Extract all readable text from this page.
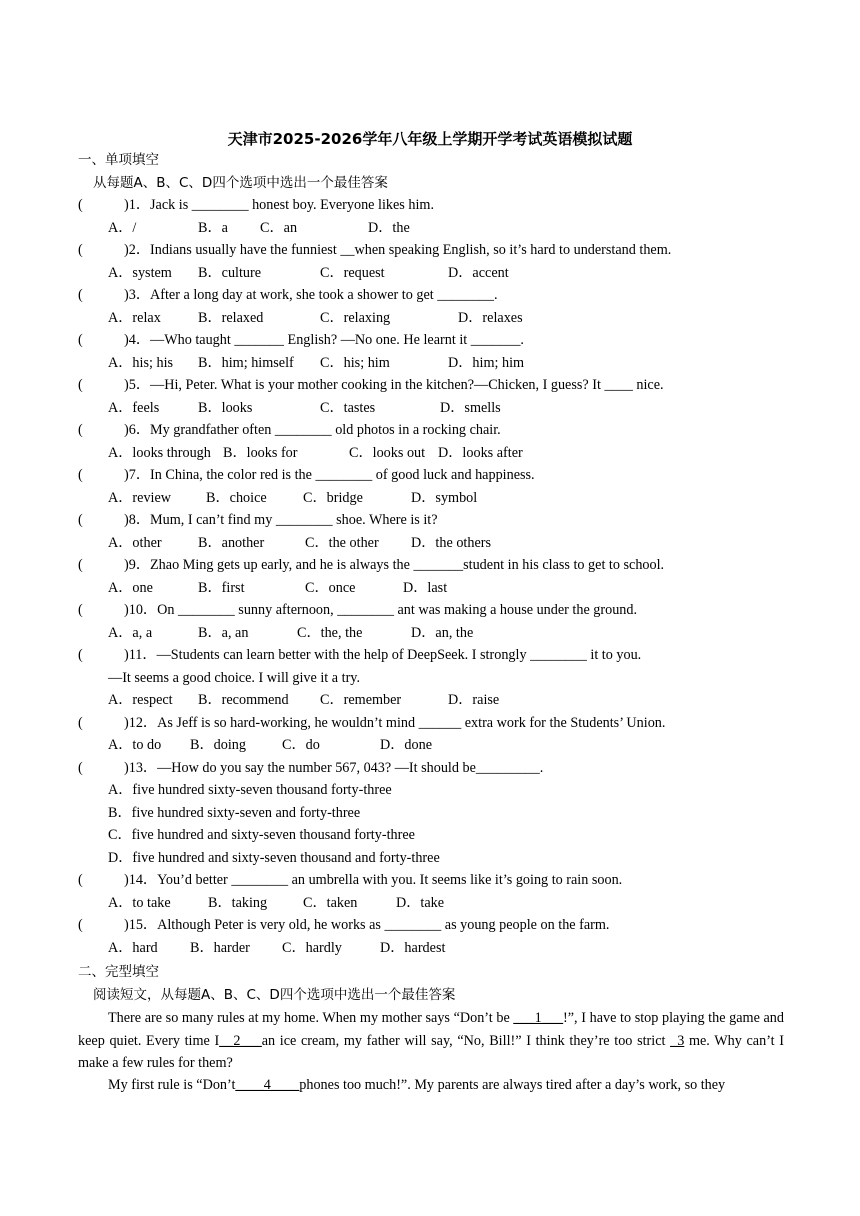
天津市2025-2026学年八年级上学期开学考试英语模拟试题
一、单项填空
从每题A、B、C、D四个选项中选出一个最佳答案
(	)1．Jack is ________ honest boy. Everyone likes him.
A．/	B．a C．an	D．the
(	)2．Indians usually have the funniest __when speaking English, so it’s hard to understand them.
A．system B．culture	C．request	D．accent
(	)3．After a long day at work, she took a shower to get ________.
A．relax	B．relaxed	C．relaxing	D．relaxes
(	)4．—Who taught _______ English? —No one. He learnt it _______.
A．his; his B．him; himself C．his; him	D．him; him
(	)5．—Hi, Peter. What is your mother cooking in the kitchen?—Chicken, I guess? It ____ nice.
A．feels	B．looks	C．tastes	D．smells
(	)6．My grandfather often ________ old photos in a rocking chair.
A．looks through B．looks for	C．looks out D．looks after
(	)7．In China, the color red is the ________ of good luck and happiness.
A．review B．choice	C．bridge	D．symbol
(	)8．Mum, I can’t find my ________ shoe. Where is it?
A．other	B．another	C．the other D．the others
(	)9．Zhao Ming gets up early, and he is always the _______student in his class to get to school.
A．one	B．first	C．once	D．last
(	)10．On ________ sunny afternoon, ________ ant was making a house under the ground.
A．a, a	B．a, an	C．the, the	D．an, the
(	)11．—Students can learn better with the help of DeepSeek. I strongly ________ it to you.
—It seems a good choice. I will give it a try.
A．respect B．recommend C．remember	D．raise
(	)12．As Jeff is so hard-working, he wouldn’t mind ______ extra work for the Students’ Union.
A．to do B．doing	C．do	D．done
(	)13．—How do you say the number 567, 043? —It should be_________.
A．five hundred sixty-seven thousand forty-three
B．five hundred sixty-seven and forty-three
C．five hundred and sixty-seven thousand forty-three
D．five hundred and sixty-seven thousand and forty-three
(	)14．You’d better ________ an umbrella with you. It seems like it’s going to rain soon.
A．to take	B．taking	C．taken	D．take
(	)15．Although Peter is very old, he works as ________ as young people on the farm.
A．hard B．harder C．hardly	D．hardest
二、完型填空
阅读短文，从每题A、B、C、D四个选项中选出一个最佳答案
There are so many rules at my home. When my mother says “Don’t be ___1___!”, I have to stop playing the game and keep quiet. Every time I__2___an ice cream, my father will say, “No, Bill!” I think they’re too strict _3 me. Why can’t I make a few rules for them?
My first rule is “Don’t____4____phones too much!”. My parents are always tired after a day’s work, so they
